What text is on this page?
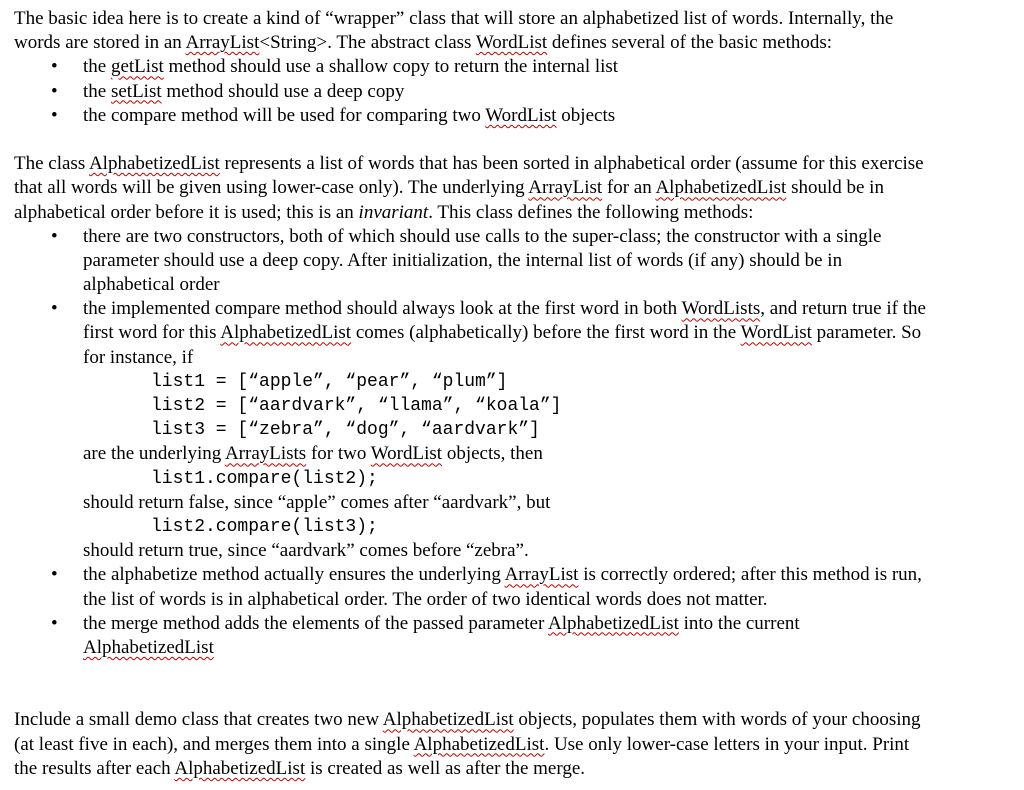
The basic idea here is to create a kind of “wrapper” class that will store an alphabetized list of words. Internally, the
words are stored in an ArrayList<String>. The abstract class WordList defines several of the basic methods:
• the getList method should use a shallow copy to return the internal list
• the setList method should use a deep copy
• the compare method will be used for comparing two WordList objects
The class AlphabetizedList represents a list of words that has been sorted in alphabetical order (assume for this exercise
that all words will be given using lower-case only). The underlying ArrayList for an AlphabetizedList should be in
alphabetical order before it is used; this is an invariant. This class defines the following methods:
• there are two constructors, both of which should use calls to the super-class; the constructor with a single
parameter should use a deep copy. After initialization, the internal list of words (if any) should be in
alphabetical order
• the implemented compare method should always look at the first word in both WordLists, and return true if the
first word for this AlphabetizedList comes (alphabetically) before the first word in the WordList parameter. So
for instance, if
list1 = [“apple”, “pear”, “plum”]
list2 = [“aardvark”, “llama”, “koala”]
list3 = [“zebra”, “dog”, “aardvark”]
are the underlying ArrayLists for two WordList objects, then
list1.compare(list2);
should return false, since “apple” comes after “aardvark”, but
list2.compare(list3);
should return true, since “aardvark” comes before “zebra”.
• the alphabetize method actually ensures the underlying ArrayList is correctly ordered; after this method is run,
the list of words is in alphabetical order. The order of two identical words does not matter.
• the merge method adds the elements of the passed parameter AlphabetizedList into the current
AlphabetizedList
Include a small demo class that creates two new AlphabetizedList objects, populates them with words of your choosing
(at least five in each), and merges them into a single AlphabetizedList. Use only lower-case letters in your input. Print
the results after each AlphabetizedList is created as well as after the merge.
